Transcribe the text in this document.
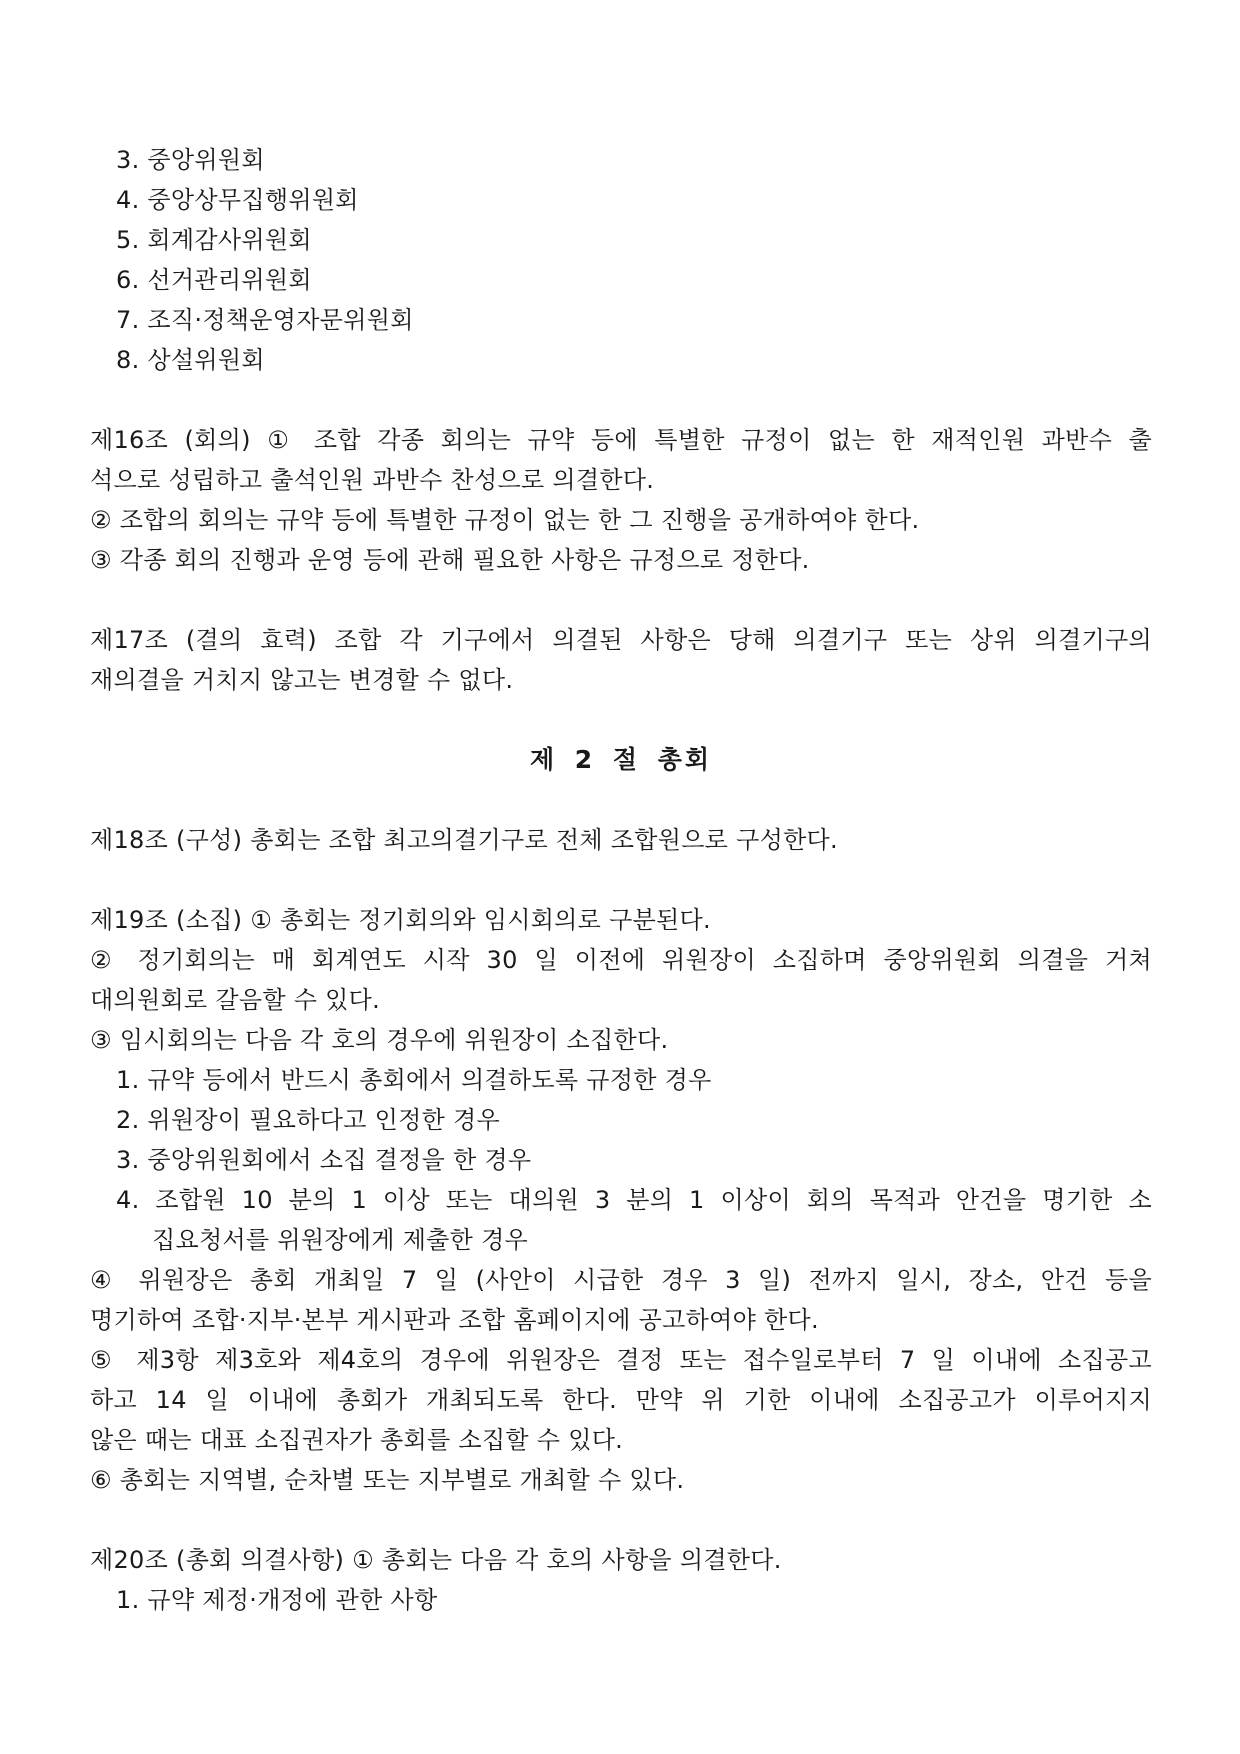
3. 중앙위원회
4. 중앙상무집행위원회
5. 회계감사위원회
6. 선거관리위원회
7. 조직·정책운영자문위원회
8. 상설위원회
제16조 (회의) ① 조합 각종 회의는 규약 등에 특별한 규정이 없는 한 재적인원 과반수 출
석으로 성립하고 출석인원 과반수 찬성으로 의결한다.
② 조합의 회의는 규약 등에 특별한 규정이 없는 한 그 진행을 공개하여야 한다.
③ 각종 회의 진행과 운영 등에 관해 필요한 사항은 규정으로 정한다.
제17조 (결의 효력) 조합 각 기구에서 의결된 사항은 당해 의결기구 또는 상위 의결기구의
재의결을 거치지 않고는 변경할 수 없다.
제 2 절 총회
제18조 (구성) 총회는 조합 최고의결기구로 전체 조합원으로 구성한다.
제19조 (소집) ① 총회는 정기회의와 임시회의로 구분된다.
② 정기회의는 매 회계연도 시작 30 일 이전에 위원장이 소집하며 중앙위원회 의결을 거쳐
대의원회로 갈음할 수 있다.
③ 임시회의는 다음 각 호의 경우에 위원장이 소집한다.
1. 규약 등에서 반드시 총회에서 의결하도록 규정한 경우
2. 위원장이 필요하다고 인정한 경우
3. 중앙위원회에서 소집 결정을 한 경우
4. 조합원 10 분의 1 이상 또는 대의원 3 분의 1 이상이 회의 목적과 안건을 명기한 소
집요청서를 위원장에게 제출한 경우
④ 위원장은 총회 개최일 7 일 (사안이 시급한 경우 3 일) 전까지 일시, 장소, 안건 등을
명기하여 조합·지부·본부 게시판과 조합 홈페이지에 공고하여야 한다.
⑤ 제3항 제3호와 제4호의 경우에 위원장은 결정 또는 접수일로부터 7 일 이내에 소집공고
하고 14 일 이내에 총회가 개최되도록 한다. 만약 위 기한 이내에 소집공고가 이루어지지
않은 때는 대표 소집권자가 총회를 소집할 수 있다.
⑥ 총회는 지역별, 순차별 또는 지부별로 개최할 수 있다.
제20조 (총회 의결사항) ① 총회는 다음 각 호의 사항을 의결한다.
1. 규약 제정·개정에 관한 사항
